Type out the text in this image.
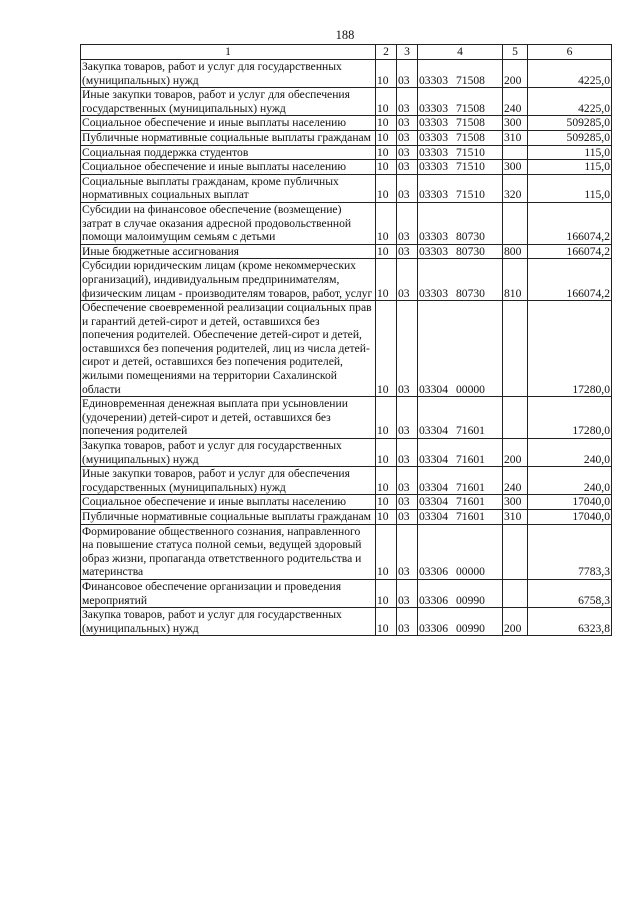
188
1	2	3	4	5	6
Закупка товаров, работ и услуг для государственных (муниципальных) нужд	10	03	03303 71508	200	4225,0
Иные закупки товаров, работ и услуг для обеспечения государственных (муниципальных) нужд	10	03	03303 71508	240	4225,0
Социальное обеспечение и иные выплаты населению	10	03	03303 71508	300	509285,0
Публичные нормативные социальные выплаты гражданам	10	03	03303 71508	310	509285,0
Социальная поддержка студентов	10	03	03303 71510		115,0
Социальное обеспечение и иные выплаты населению	10	03	03303 71510	300	115,0
Социальные выплаты гражданам, кроме публичных нормативных социальных выплат	10	03	03303 71510	320	115,0
Субсидии на финансовое обеспечение (возмещение) затрат в случае оказания адресной продовольственной помощи малоимущим семьям с детьми	10	03	03303 80730		166074,2
Иные бюджетные ассигнования	10	03	03303 80730	800	166074,2
Субсидии юридическим лицам (кроме некоммерческих организаций), индивидуальным предпринимателям, физическим лицам - производителям товаров, работ, услуг	10	03	03303 80730	810	166074,2
Обеспечение своевременной реализации социальных прав и гарантий детей-сирот и детей, оставшихся без попечения родителей. Обеспечение детей-сирот и детей, оставшихся без попечения родителей, лиц из числа детей-сирот и детей, оставшихся без попечения родителей, жилыми помещениями на территории Сахалинской области	10	03	03304 00000		17280,0
Единовременная денежная выплата при усыновлении (удочерении) детей-сирот и детей, оставшихся без попечения родителей	10	03	03304 71601		17280,0
Закупка товаров, работ и услуг для государственных (муниципальных) нужд	10	03	03304 71601	200	240,0
Иные закупки товаров, работ и услуг для обеспечения государственных (муниципальных) нужд	10	03	03304 71601	240	240,0
Социальное обеспечение и иные выплаты населению	10	03	03304 71601	300	17040,0
Публичные нормативные социальные выплаты гражданам	10	03	03304 71601	310	17040,0
Формирование общественного сознания, направленного на повышение статуса полной семьи, ведущей здоровый образ жизни, пропаганда ответственного родительства и материнства	10	03	03306 00000		7783,3
Финансовое обеспечение организации и проведения мероприятий	10	03	03306 00990		6758,3
Закупка товаров, работ и услуг для государственных (муниципальных) нужд	10	03	03306 00990	200	6323,8
